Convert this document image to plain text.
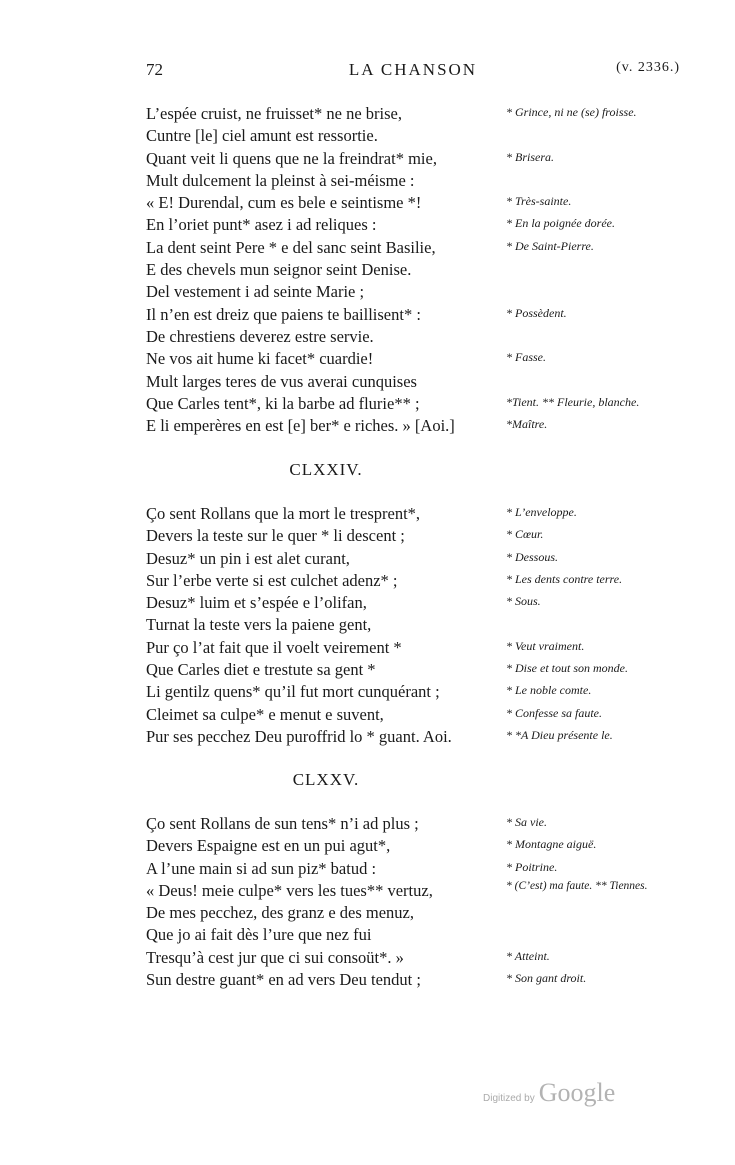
72	LA CHANSON	(v. 2336.)
L’espée cruist, ne fruisset* ne ne brise,	* Grince, ni ne (se) froisse.
Cuntre [le] ciel amunt est ressortie.
Quant veit li quens que ne la freindrat* mie,	* Brisera.
Mult dulcement la pleinst à sei-méisme :
« E! Durendal, cum es bele e seintisme *!	* Très-sainte.
En l’oriet punt* asez i ad reliques :	* En la poignée dorée.
La dent seint Pere * e del sanc seint Basilie,	* De Saint-Pierre.
E des chevels mun seignor seint Denise.
Del vestement i ad seinte Marie ;
Il n’en est dreiz que paiens te baillisent* :	* Possèdent.
De chrestiens deverez estre servie.
Ne vos ait hume ki facet* cuardie!	* Fasse.
Mult larges teres de vus averai cunquises
Que Carles tent*, ki la barbe ad flurie** ;	*Tient. ** Fleurie, blanche.
E li emperères en est [e] ber* e riches. » [Aoi.]	*Maître.
CLXXIV.
Ço sent Rollans que la mort le tresprent*,	* L’enveloppe.
Devers la teste sur le quer * li descent ;	* Cœur.
Desuz* un pin i est alet curant,	* Dessous.
Sur l’erbe verte si est culchet adenz* ;	* Les dents contre terre.
Desuz* luim et s’espée e l’olifan,	* Sous.
Turnat la teste vers la paiene gent,
Pur ço l’at fait que il voelt veirement *	* Veut vraiment.
Que Carles diet e trestute sa gent *	* Dise et tout son monde.
Li gentilz quens* qu’il fut mort cunquérant ;	* Le noble comte.
Cleimet sa culpe* e menut e suvent,	* Confesse sa faute.
Pur ses pecchez Deu puroffrid lo * guant. Aoi.	* *A Dieu présente le.
CLXXV.
Ço sent Rollans de sun tens* n’i ad plus ;	* Sa vie.
Devers Espaigne est en un pui agut*,	* Montagne aiguë.
A l’une main si ad sun piz* batud :	* Poitrine.
« Deus! meie culpe* vers les tues** vertuz,	* (C’est) ma faute. ** Tiennes.
De mes pecchez, des granz e des menuz,
Que jo ai fait dès l’ure que nez fui
Tresqu’à cest jur que ci sui consoüt*. »	* Atteint.
Sun destre guant* en ad vers Deu tendut ;	* Son gant droit.
Digitized by Google
